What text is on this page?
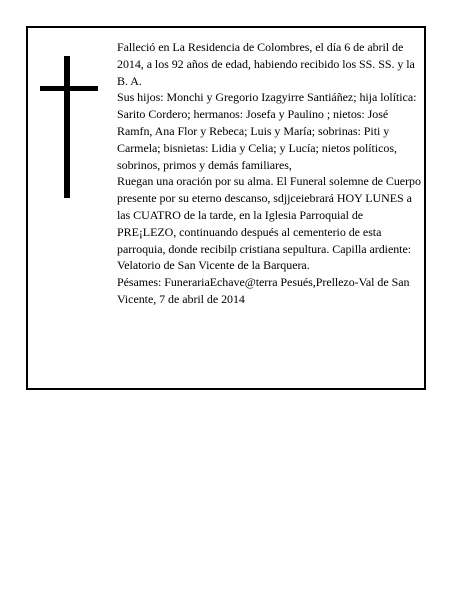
Falleció en La Residencia de Colombres, el día 6 de abril de 2014, a los 92 años de edad, habiendo recibido los SS. SS. y la B. A.

Sus hijos: Monchi y Gregorio Izagyirre Santiáñez; hija lolítica: Sarito Cordero; hermanos: Josefa y Paulino ; nietos: José Ramfn, Ana Flor y Rebeca; Luis y María; sobrinas: Piti y Carmela; bisnietas: Lidia y Celia; y Lucía; nietos políticos, sobrinos, primos y demás familiares,

Ruegan una oración por su alma. El Funeral solemne de Cuerpo presente por su eterno descanso, sdjjceiebrará HOY LUNES a las CUATRO de la tarde, en la Iglesia Parroquial de PRE¡LEZO, continuando después al cementerio de esta parroquia, donde recibilp cristiana sepultura. Capilla ardiente: Velatorio de San Vicente de la Barquera.

Pésames: FunerariaEchave@terra Pesués,Prellezo-Val de San Vicente, 7 de abril de 2014
